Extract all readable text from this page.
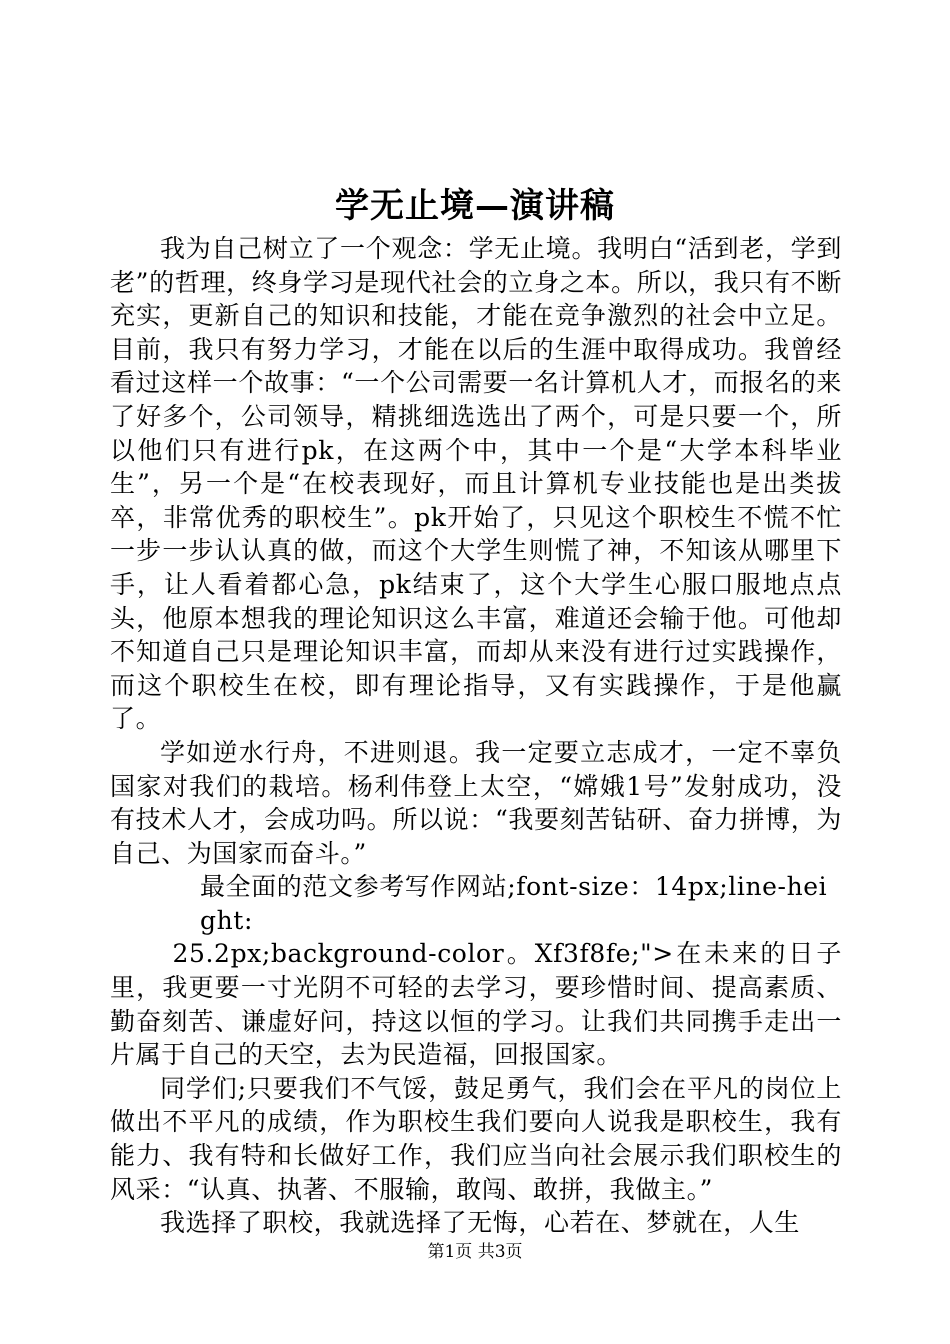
学无止境—演讲稿

我为自己树立了一个观念：学无止境。我明白“活到老，学到老”的哲理，终身学习是现代社会的立身之本。所以，我只有不断充实，更新自己的知识和技能，才能在竞争激烈的社会中立足。目前，我只有努力学习，才能在以后的生涯中取得成功。我曾经看过这样一个故事：“一个公司需要一名计算机人才，而报名的来了好多个，公司领导，精挑细选选出了两个，可是只要一个，所以他们只有进行pk，在这两个中，其中一个是“大学本科毕业生”，另一个是“在校表现好，而且计算机专业技能也是出类拔卒，非常优秀的职校生”。pk开始了，只见这个职校生不慌不忙一步一步认认真的做，而这个大学生则慌了神，不知该从哪里下手，让人看着都心急，pk结束了，这个大学生心服口服地点点头，他原本想我的理论知识这么丰富，难道还会输于他。可他却不知道自己只是理论知识丰富，而却从来没有进行过实践操作，而这个职校生在校，即有理论指导，又有实践操作，于是他赢了。

学如逆水行舟，不进则退。我一定要立志成才，一定不辜负国家对我们的栽培。杨利伟登上太空，“嫦娥1号”发射成功，没有技术人才，会成功吗。所以说：“我要刻苦钻研、奋力拼博，为自己、为国家而奋斗。”

最全面的范文参考写作网站;font-size：14px;line-height:

25.2px;background-color。Xf3f8fe;">在未来的日子里，我更要一寸光阴不可轻的去学习，要珍惜时间、提高素质、勤奋刻苦、谦虚好问，持这以恒的学习。让我们共同携手走出一片属于自己的天空，去为民造福，回报国家。

同学们;只要我们不气馁，鼓足勇气，我们会在平凡的岗位上做出不平凡的成绩，作为职校生我们要向人说我是职校生，我有能力、我有特和长做好工作，我们应当向社会展示我们职校生的风采：“认真、执著、不服输，敢闯、敢拼，我做主。”

我选择了职校，我就选择了无悔，心若在、梦就在，人生

第1页 共3页
